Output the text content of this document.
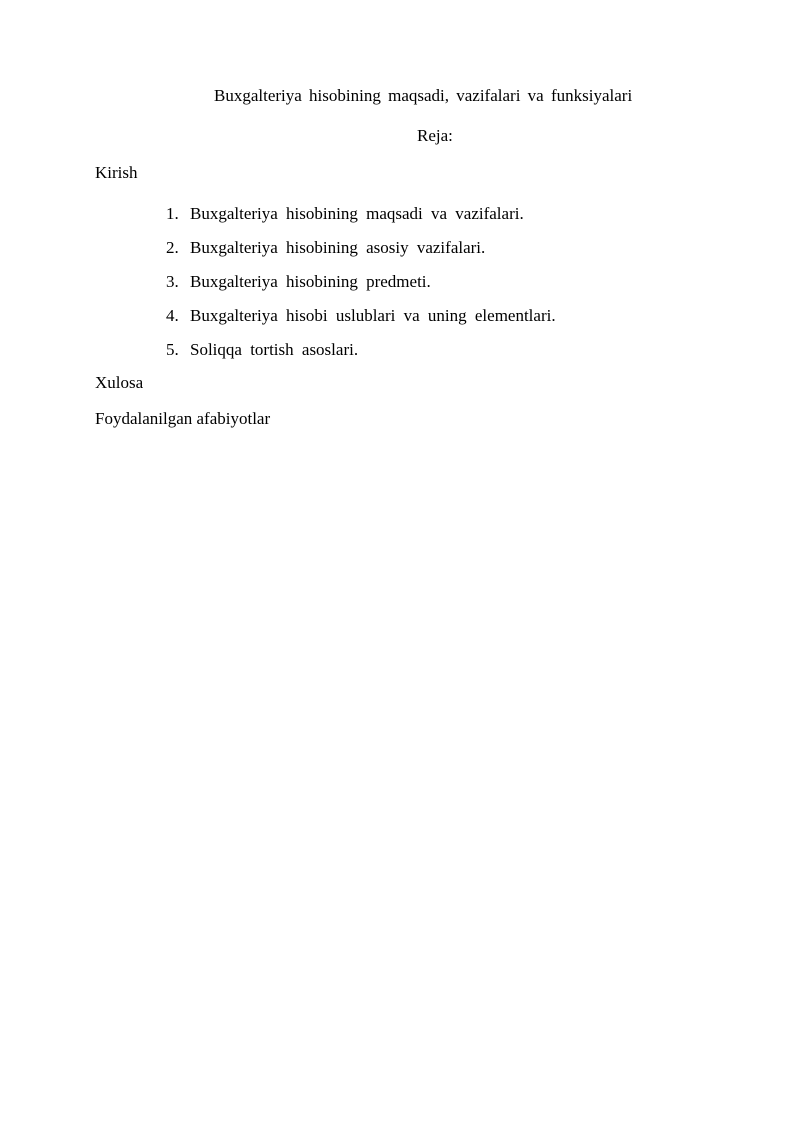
Buxgalteriya hisobining maqsadi, vazifalari va funksiyalari
Reja:
Kirish
1. Buxgalteriya hisobining maqsadi va vazifalari.
2. Buxgalteriya hisobining asosiy vazifalari.
3. Buxgalteriya hisobining predmeti.
4. Buxgalteriya hisobi uslublari va uning elementlari.
5. Soliqqa tortish asoslari.
Xulosa
Foydalanilgan afabiyotlar
